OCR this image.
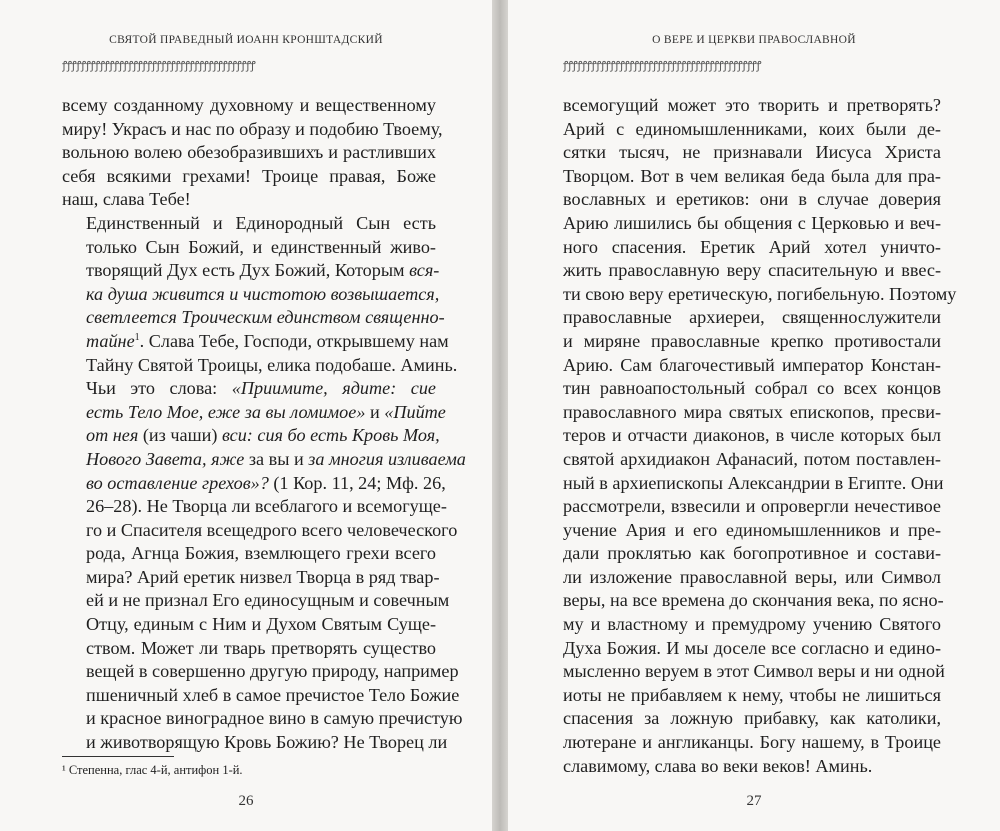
СВЯТОЙ ПРАВЕДНЫЙ ИОАНН КРОНШТАДСКИЙ
ꝭꝭꝭꝭꝭꝭꝭꝭꝭꝭꝭꝭꝭꝭꝭꝭꝭꝭꝭꝭꝭꝭꝭꝭꝭꝭꝭꝭꝭꝭꝭꝭꝭꝭꝭꝭꝭꝭꝭꝭꝭ

всему созданному духовному и вещественному
миру! Украсъ и нас по образу и подобию Твоему,
вольною волею обезобразившихъ и растливших
себя всякими грехами! Троице правая, Боже
наш, слава Тебе!

Единственный и Единородный Сын есть
только Сын Божий, и единственный живо-
творящий Дух есть Дух Божий, Которым вся-
ка душа живится и чистотою возвышается,
светлеется Троическим единством священно-
тайне$^1$. Слава Тебе, Господи, открывшему нам
Тайну Святой Троицы, елика подобаше. Аминь.

Чьи это слова: «Приимите, ядите: сие
есть Тело Мое, еже за вы ломимое» и «Пийте
от нея (из чаши) вси: сия бо есть Кровь Моя,
Нового Завета, яже за вы и за многия изливаема
во оставление грехов»? (1 Кор. 11, 24; Мф. 26,
26–28). Не Творца ли всеблагого и всемогуще-
го и Спасителя всещедрого всего человеческого
рода, Агнца Божия, вземлющего грехи всего
мира? Арий еретик низвел Творца в ряд твар-
ей и не признал Его единосущным и совечным
Отцу, единым с Ним и Духом Святым Суще-
ством. Может ли тварь претворять существо
вещей в совершенно другую природу, например
пшеничный хлеб в самое пречистое Тело Божие
и красное виноградное вино в самую пречистую
и животворящую Кровь Божию? Не Творец ли

¹ Степенна, глас 4-й, антифон 1-й.
26
О ВЕРЕ И ЦЕРКВИ ПРАВОСЛАВНОЙ
ꝭꝭꝭꝭꝭꝭꝭꝭꝭꝭꝭꝭꝭꝭꝭꝭꝭꝭꝭꝭꝭꝭꝭꝭꝭꝭꝭꝭꝭꝭꝭꝭꝭꝭꝭꝭꝭꝭꝭꝭꝭꝭ
всемогущий может это творить и претворять?
Арий с единомышленниками, коих были де-
сятки тысяч, не признавали Иисуса Христа
Творцом. Вот в чем великая беда была для пра-
вославных и еретиков: они в случае доверия
Арию лишились бы общения с Церковью и веч-
ного спасения. Еретик Арий хотел уничто-
жить православную веру спасительную и ввес-
ти свою веру еретическую, погибельную. Поэтому
православные архиереи, священнослужители
и миряне православные крепко противостали
Арию. Сам благочестивый император Констан-
тин равноапостольный собрал со всех концов
православного мира святых епископов, пресви-
теров и отчасти диаконов, в числе которых был
святой архидиакон Афанасий, потом поставлен-
ный в архиепископы Александрии в Египте. Они
рассмотрели, взвесили и опровергли нечестивое
учение Ария и его единомышленников и пре-
дали проклятью как богопротивное и состави-
ли изложение православной веры, или Символ
веры, на все времена до скончания века, по ясно-
му и властному и премудрому учению Святого
Духа Божия. И мы доселе все согласно и едино-
мысленно веруем в этот Символ веры и ни одной
иоты не прибавляем к нему, чтобы не лишиться
спасения за ложную прибавку, как католики,
лютеране и англиканцы. Богу нашему, в Троице
славимому, слава во веки веков! Аминь.
27
